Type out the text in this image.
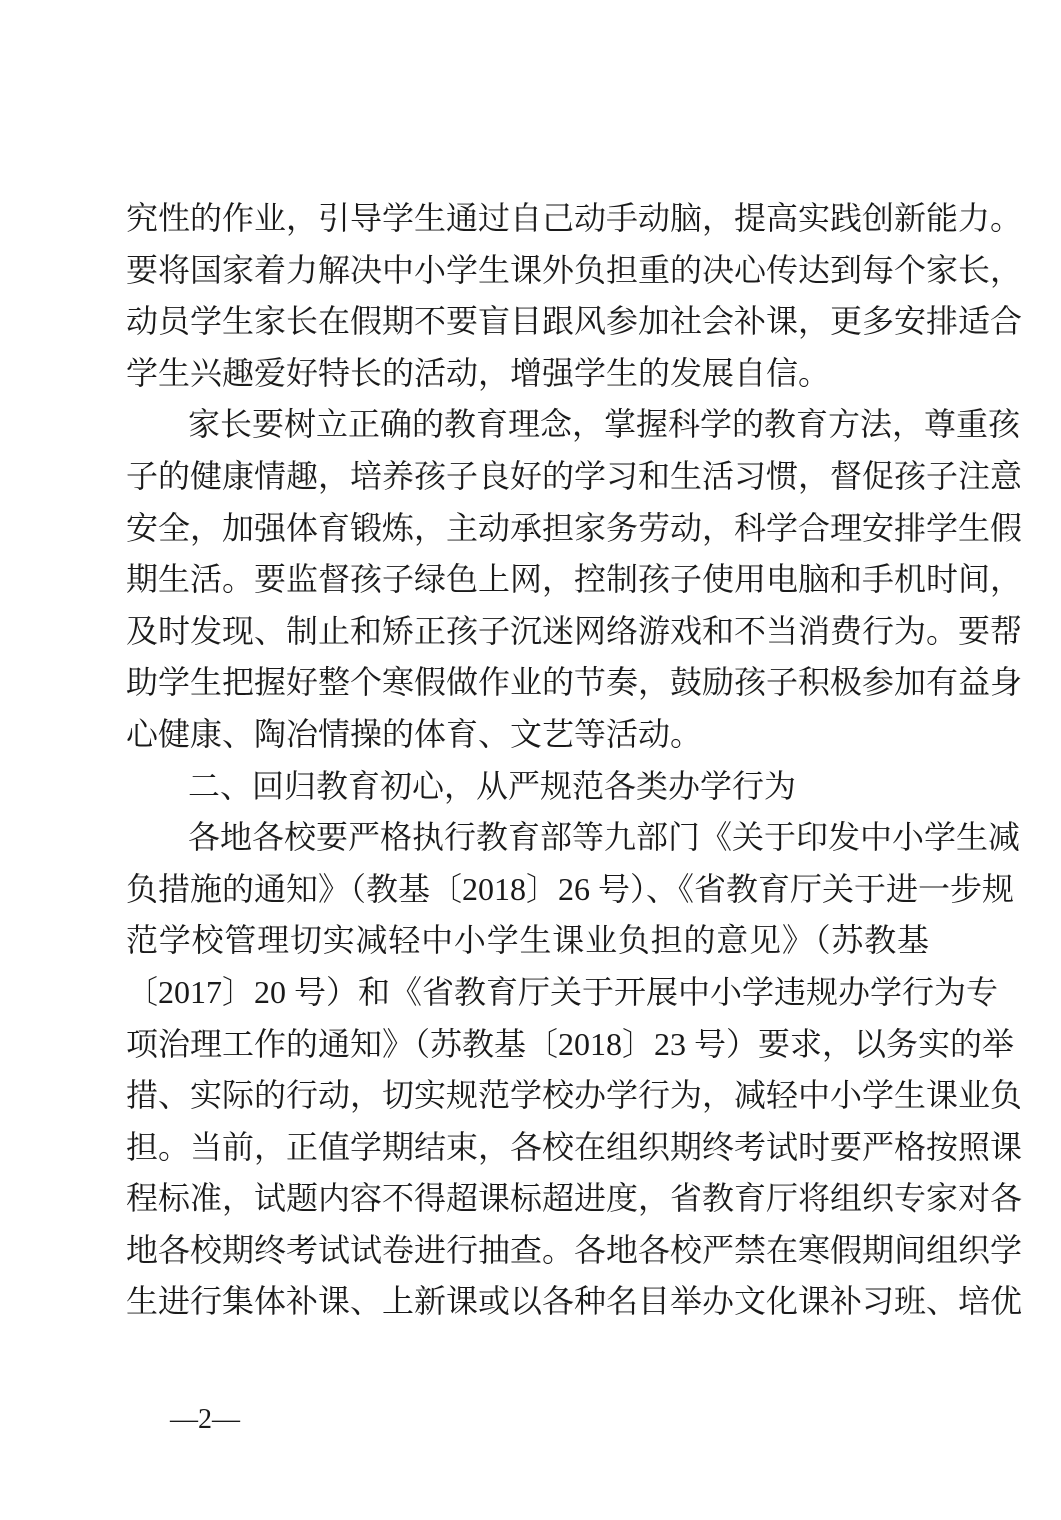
究性的作业，引导学生通过自己动手动脑，提高实践创新能力。
要将国家着力解决中小学生课外负担重的决心传达到每个家长，
动员学生家长在假期不要盲目跟风参加社会补课，更多安排适合
学生兴趣爱好特长的活动，增强学生的发展自信。
家长要树立正确的教育理念，掌握科学的教育方法，尊重孩
子的健康情趣，培养孩子良好的学习和生活习惯，督促孩子注意
安全，加强体育锻炼，主动承担家务劳动，科学合理安排学生假
期生活。要监督孩子绿色上网，控制孩子使用电脑和手机时间，
及时发现、制止和矫正孩子沉迷网络游戏和不当消费行为。要帮
助学生把握好整个寒假做作业的节奏，鼓励孩子积极参加有益身
心健康、陶冶情操的体育、文艺等活动。
二、回归教育初心，从严规范各类办学行为
各地各校要严格执行教育部等九部门《关于印发中小学生减
负措施的通知》（教基〔2018〕26 号）、《省教育厅关于进一步规
范学校管理切实减轻中小学生课业负担的意见》（苏教基
〔2017〕20 号）和《省教育厅关于开展中小学违规办学行为专
项治理工作的通知》（苏教基〔2018〕23 号）要求，以务实的举
措、实际的行动，切实规范学校办学行为，减轻中小学生课业负
担。当前，正值学期结束，各校在组织期终考试时要严格按照课
程标准，试题内容不得超课标超进度，省教育厅将组织专家对各
地各校期终考试试卷进行抽查。各地各校严禁在寒假期间组织学
生进行集体补课、上新课或以各种名目举办文化课补习班、培优
—2—
